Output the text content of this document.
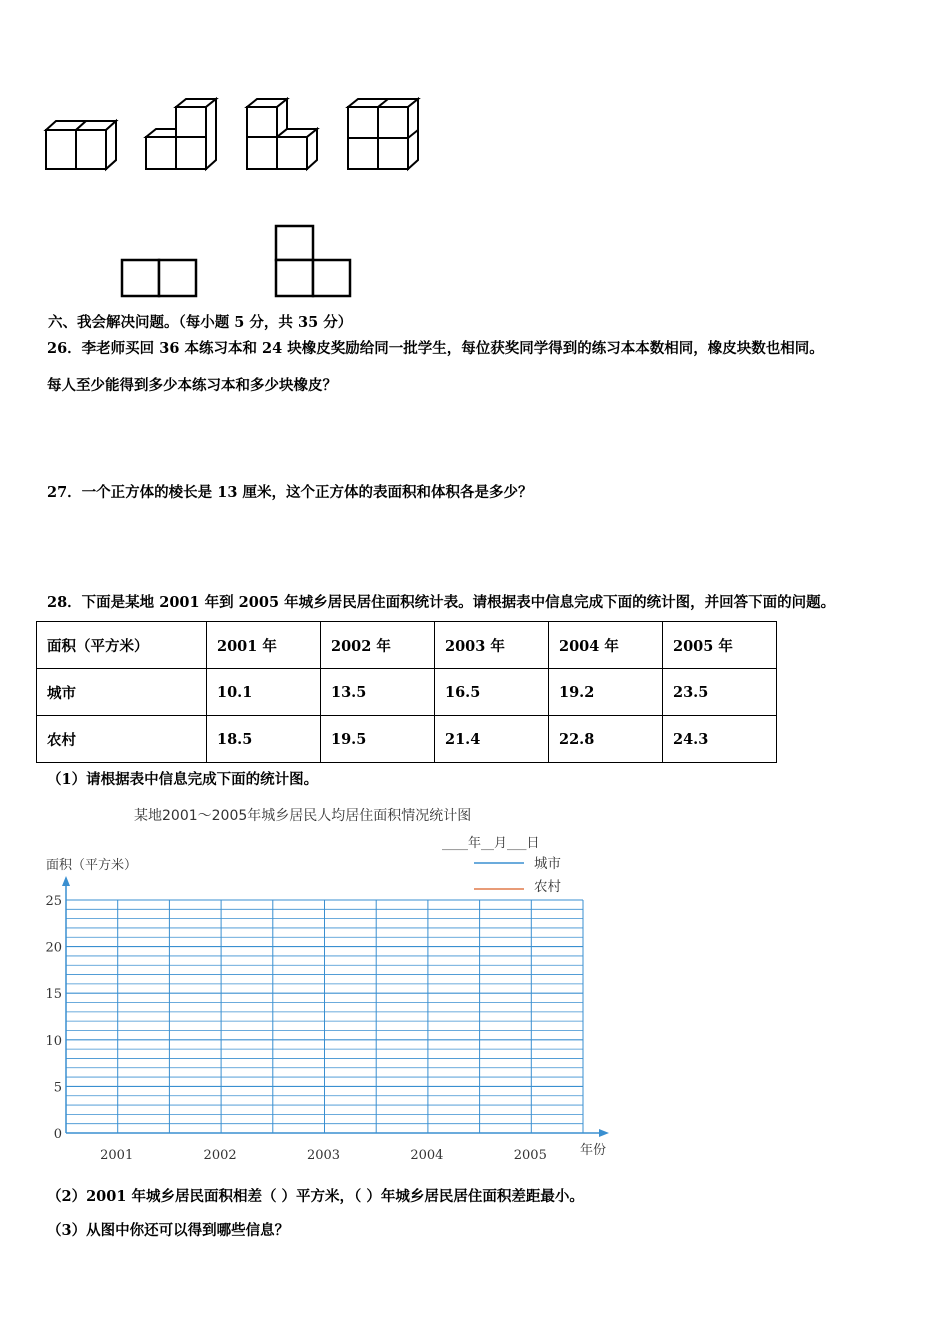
六、我会解决问题。（每小题 5 分，共 35 分）
26．李老师买回 36 本练习本和 24 块橡皮奖励给同一批学生，每位获奖同学得到的练习本本数相同，橡皮块数也相同。
每人至少能得到多少本练习本和多少块橡皮？
27．一个正方体的棱长是 13 厘米，这个正方体的表面积和体积各是多少？
28．下面是某地 2001 年到 2005 年城乡居民居住面积统计表。请根据表中信息完成下面的统计图，并回答下面的问题。
面积（平方米）	2001 年	2002 年	2003 年	2004 年	2005 年
城市	10.1	13.5	16.5	19.2	23.5
农村	18.5	19.5	21.4	22.8	24.3
（1）请根据表中信息完成下面的统计图。
某地2001～2005年城乡居民人均居住面积情况统计图
____年__月___日
城市
农村
面积（平方米）
年份
0
5
10
15
20
25
2001	2002	2003	2004	2005
（2）2001 年城乡居民面积相差（ ）平方米，（ ）年城乡居民居住面积差距最小。
（3）从图中你还可以得到哪些信息？
